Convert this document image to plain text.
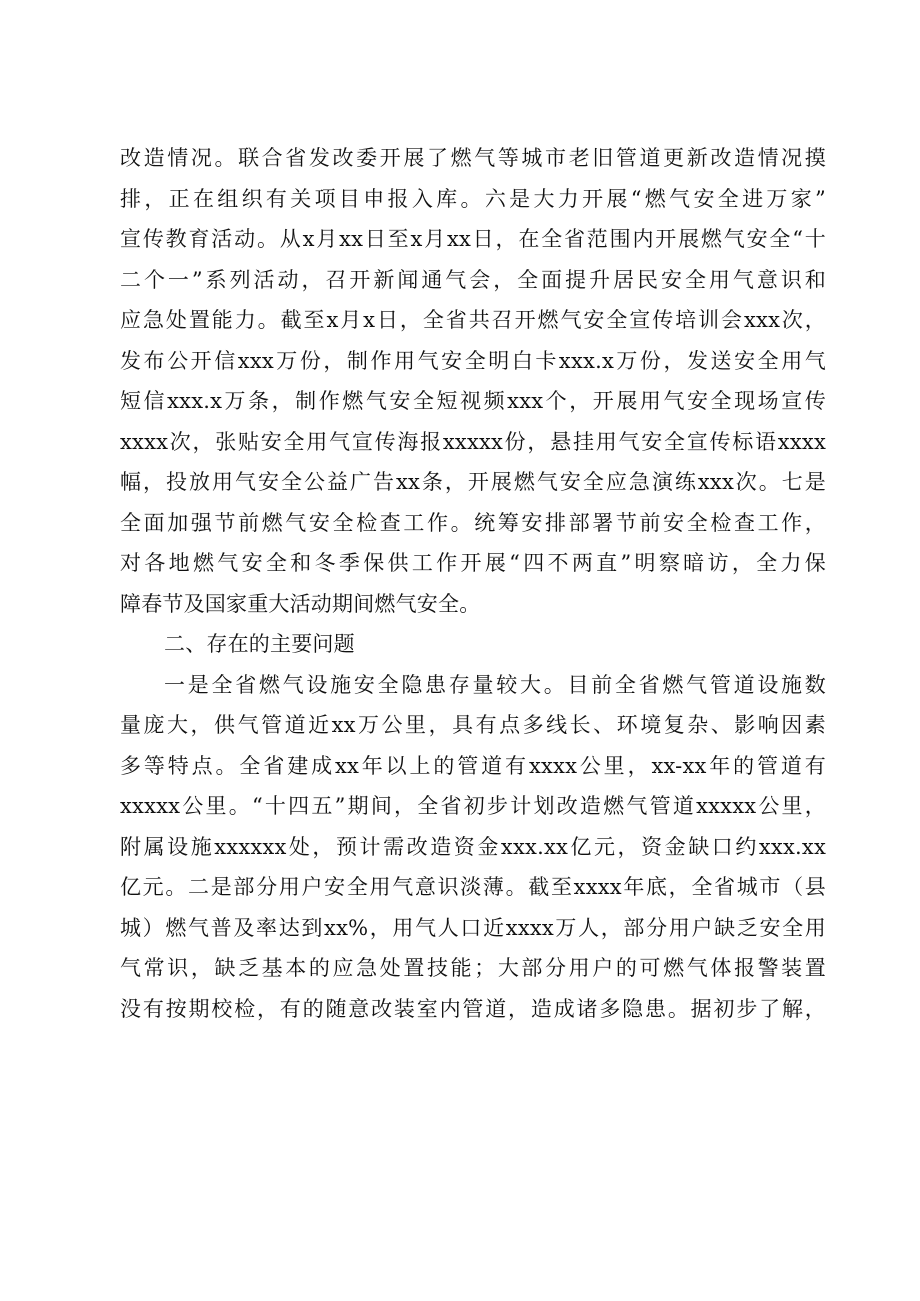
改造情况。联合省发改委开展了燃气等城市老旧管道更新改造情况摸
排，正在组织有关项目申报入库。六是大力开展“燃气安全进万家”
宣传教育活动。从x月xx日至x月xx日，在全省范围内开展燃气安全“十
二个一”系列活动，召开新闻通气会，全面提升居民安全用气意识和
应急处置能力。截至x月x日，全省共召开燃气安全宣传培训会xxx次，
发布公开信xxx万份，制作用气安全明白卡xxx.x万份，发送安全用气
短信xxx.x万条，制作燃气安全短视频xxx个，开展用气安全现场宣传
xxxx次，张贴安全用气宣传海报xxxxx份，悬挂用气安全宣传标语xxxx
幅，投放用气安全公益广告xx条，开展燃气安全应急演练xxx次。七是
全面加强节前燃气安全检查工作。统筹安排部署节前安全检查工作，
对各地燃气安全和冬季保供工作开展“四不两直”明察暗访，全力保
障春节及国家重大活动期间燃气安全。
二、存在的主要问题
一是全省燃气设施安全隐患存量较大。目前全省燃气管道设施数
量庞大，供气管道近xx万公里，具有点多线长、环境复杂、影响因素
多等特点。全省建成xx年以上的管道有xxxx公里，xx-xx年的管道有
xxxxx公里。“十四五”期间，全省初步计划改造燃气管道xxxxx公里，
附属设施xxxxxx处，预计需改造资金xxx.xx亿元，资金缺口约xxx.xx
亿元。二是部分用户安全用气意识淡薄。截至xxxx年底，全省城市（县
城）燃气普及率达到xx%，用气人口近xxxx万人，部分用户缺乏安全用
气常识，缺乏基本的应急处置技能；大部分用户的可燃气体报警装置
没有按期校检，有的随意改装室内管道，造成诸多隐患。据初步了解，
